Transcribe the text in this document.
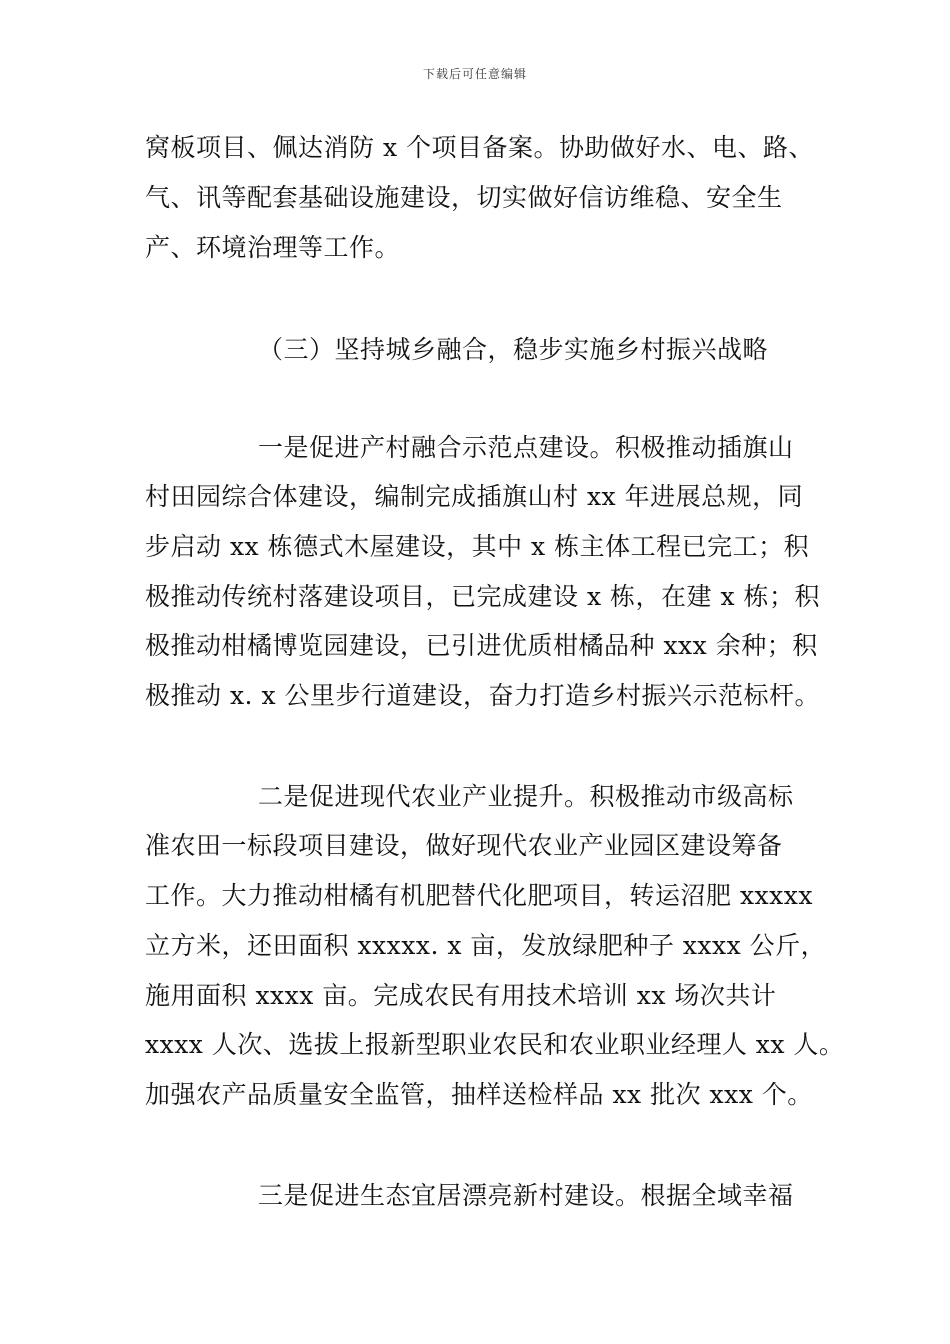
下载后可任意编辑
窝板项目、佩达消防 x 个项目备案。协助做好水、电、路、
气、讯等配套基础设施建设，切实做好信访维稳、安全生
产、环境治理等工作。
（三）坚持城乡融合，稳步实施乡村振兴战略
一是促进产村融合示范点建设。积极推动插旗山
村田园综合体建设，编制完成插旗山村 xx 年进展总规，同
步启动 xx 栋德式木屋建设，其中 x 栋主体工程已完工；积
极推动传统村落建设项目，已完成建设 x 栋，在建 x 栋；积
极推动柑橘博览园建设，已引进优质柑橘品种 xxx 余种；积
极推动 x. x 公里步行道建设，奋力打造乡村振兴示范标杆。
二是促进现代农业产业提升。积极推动市级高标
准农田一标段项目建设，做好现代农业产业园区建设筹备
工作。大力推动柑橘有机肥替代化肥项目，转运沼肥 xxxxx
立方米，还田面积 xxxxx. x 亩，发放绿肥种子 xxxx 公斤，
施用面积 xxxx 亩。完成农民有用技术培训 xx 场次共计
xxxx 人次、选拔上报新型职业农民和农业职业经理人 xx 人。
加强农产品质量安全监管，抽样送检样品 xx 批次 xxx 个。
三是促进生态宜居漂亮新村建设。根据全域幸福
